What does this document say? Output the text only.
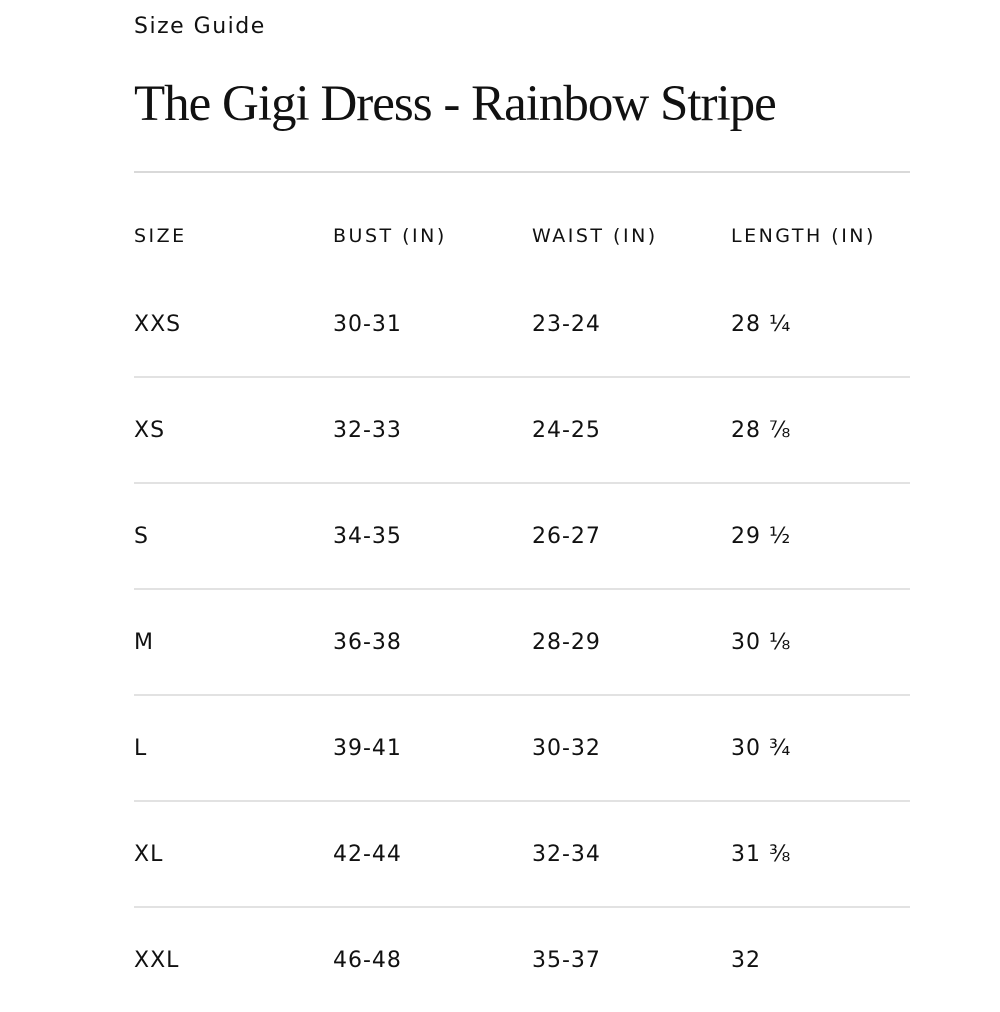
Size Guide
The Gigi Dress - Rainbow Stripe
SIZE	BUST (IN)	WAIST (IN)	LENGTH (IN)
XXS	30-31	23-24	28 ¼
XS	32-33	24-25	28 ⅞
S	34-35	26-27	29 ½
M	36-38	28-29	30 ⅛
L	39-41	30-32	30 ¾
XL	42-44	32-34	31 ⅜
XXL	46-48	35-37	32
